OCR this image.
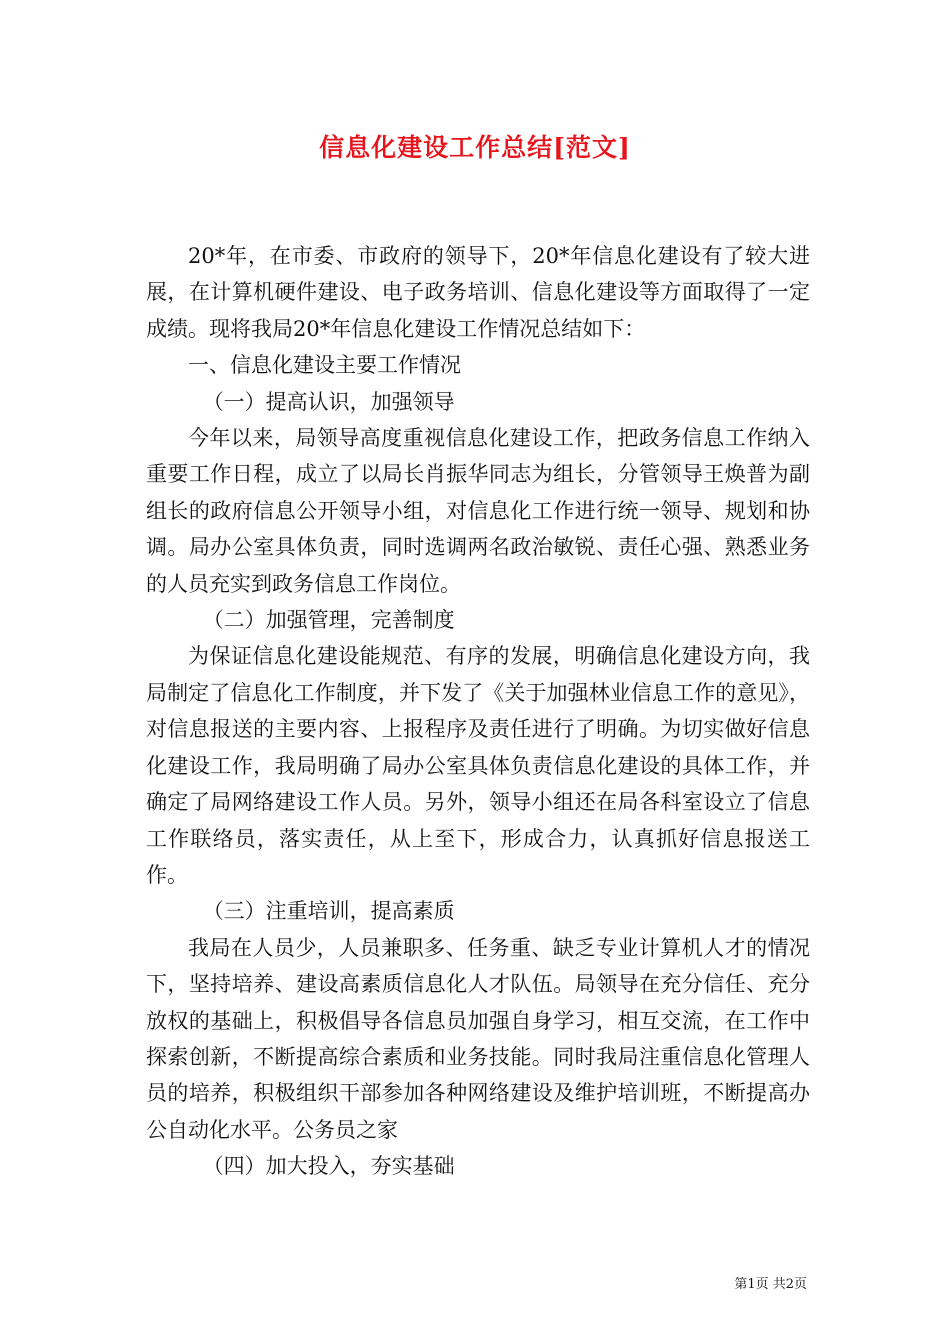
信息化建设工作总结[范文]

20*年，在市委、市政府的领导下，20*年信息化建设有了较大进展，在计算机硬件建设、电子政务培训、信息化建设等方面取得了一定成绩。现将我局20*年信息化建设工作情况总结如下：

一、信息化建设主要工作情况

（一）提高认识，加强领导

今年以来，局领导高度重视信息化建设工作，把政务信息工作纳入重要工作日程，成立了以局长肖振华同志为组长，分管领导王焕普为副组长的政府信息公开领导小组，对信息化工作进行统一领导、规划和协调。局办公室具体负责，同时选调两名政治敏锐、责任心强、熟悉业务的人员充实到政务信息工作岗位。

（二）加强管理，完善制度

为保证信息化建设能规范、有序的发展，明确信息化建设方向，我局制定了信息化工作制度，并下发了《关于加强林业信息工作的意见》，对信息报送的主要内容、上报程序及责任进行了明确。为切实做好信息化建设工作，我局明确了局办公室具体负责信息化建设的具体工作，并确定了局网络建设工作人员。另外，领导小组还在局各科室设立了信息工作联络员，落实责任，从上至下，形成合力，认真抓好信息报送工作。

（三）注重培训，提高素质

我局在人员少，人员兼职多、任务重、缺乏专业计算机人才的情况下，坚持培养、建设高素质信息化人才队伍。局领导在充分信任、充分放权的基础上，积极倡导各信息员加强自身学习，相互交流，在工作中探索创新，不断提高综合素质和业务技能。同时我局注重信息化管理人员的培养，积极组织干部参加各种网络建设及维护培训班，不断提高办公自动化水平。公务员之家

（四）加大投入，夯实基础

第1页 共2页
